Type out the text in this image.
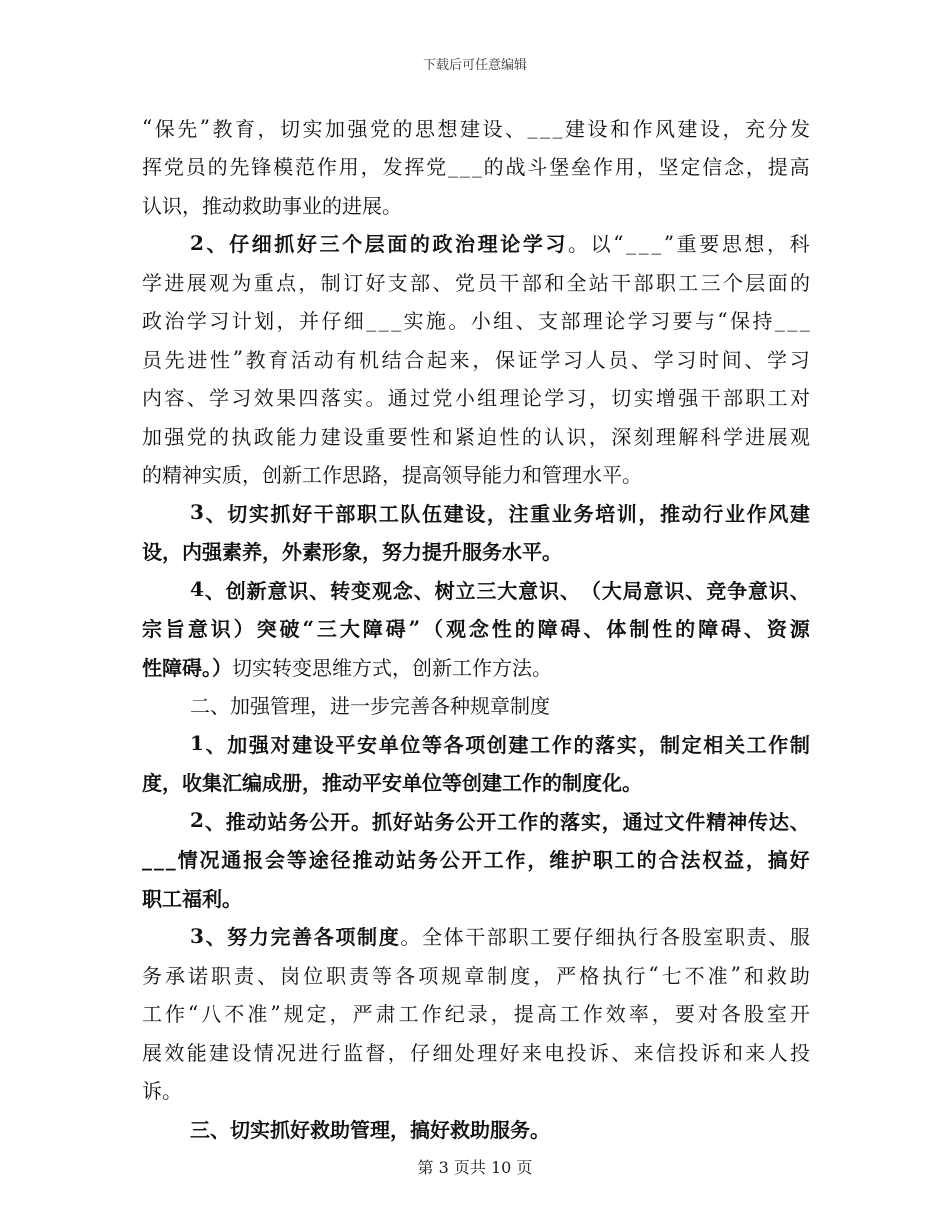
下载后可任意编辑
“ 保 先 ” 教 育 ， 切 实 加 强 党 的 思 想 建 设 、 _ _ _ 建 设 和 作 风 建 设 ， 充 分 发
挥 党 员 的 先 锋 模 范 作 用 ， 发 挥 党 _ _ _ 的 战 斗 堡 垒 作 用 ， 坚 定 信 念 ， 提 高
认识，推动救助事业的进展。
2 、 仔 细 抓 好 三 个 层 面 的 政 治 理 论 学 习 。 以 “ _ _ _ ” 重 要 思 想 ， 科
学 进 展 观 为 重 点 ， 制 订 好 支 部 、 党 员 干 部 和 全 站 干 部 职 工 三 个 层 面 的
政 治 学 习 计 划 ， 并 仔 细 _ _ _ 实 施 。 小 组 、 支 部 理 论 学 习 要 与 “ 保 持 _ _ _
员 先 进 性 ” 教 育 活 动 有 机 结 合 起 来 ， 保 证 学 习 人 员 、 学 习 时 间 、 学 习
内 容 、 学 习 效 果 四 落 实 。 通 过 党 小 组 理 论 学 习 ， 切 实 增 强 干 部 职 工 对
加 强 党 的 执 政 能 力 建 设 重 要 性 和 紧 迫 性 的 认 识 ， 深 刻 理 解 科 学 进 展 观
的精神实质，创新工作思路，提高领导能力和管理水平。
3 、 切 实 抓 好 干 部 职 工 队 伍 建 设 ， 注 重 业 务 培 训 ， 推 动 行 业 作 风 建
设，内强素养，外素形象，努力提升服务水平。
4 、 创 新 意 识 、 转 变 观 念 、 树 立 三 大 意 识 、 （ 大 局 意 识 、 竞 争 意 识 、
宗 旨 意 识 ） 突 破 “ 三 大 障 碍 ” （ 观 念 性 的 障 碍 、 体 制 性 的 障 碍 、 资 源
性障碍。）切实转变思维方式，创新工作方法。
二、加强管理，进一步完善各种规章制度
1 、 加 强 对 建 设 平 安 单 位 等 各 项 创 建 工 作 的 落 实 ， 制 定 相 关 工 作 制
度，收集汇编成册，推动平安单位等创建工作的制度化。
2 、 推 动 站 务 公 开 。 抓 好 站 务 公 开 工 作 的 落 实 ， 通 过 文 件 精 神 传 达 、
_ _ _ 情 况 通 报 会 等 途 径 推 动 站 务 公 开 工 作 ， 维 护 职 工 的 合 法 权 益 ， 搞 好
职工福利。
3 、 努 力 完 善 各 项 制 度 。 全 体 干 部 职 工 要 仔 细 执 行 各 股 室 职 责 、 服
务 承 诺 职 责 、 岗 位 职 责 等 各 项 规 章 制 度 ， 严 格 执 行 “ 七 不 准 ” 和 救 助
工 作 “ 八 不 准 ” 规 定 ， 严 肃 工 作 纪 录 ， 提 高 工 作 效 率 ， 要 对 各 股 室 开
展 效 能 建 设 情 况 进 行 监 督 ， 仔 细 处 理 好 来 电 投 诉 、 来 信 投 诉 和 来 人 投
诉。
三、切实抓好救助管理，搞好救助服务。
第 3 页共 10 页
